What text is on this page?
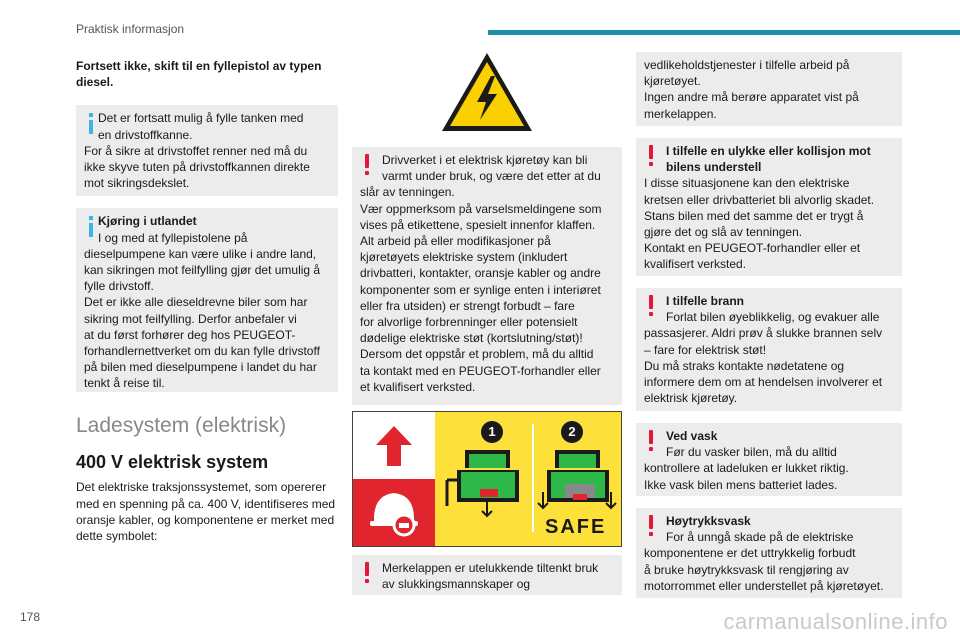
Praktisk informasjon
Fortsett ikke, skift til en fyllepistol av typen
diesel.
Det er fortsatt mulig å fylle tanken med
en drivstoffkanne.
For å sikre at drivstoffet renner ned må du
ikke skyve tuten på drivstoffkannen direkte
mot sikringsdekslet.
Kjøring i utlandet
I og med at fyllepistolene på
dieselpumpene kan være ulike i andre land,
kan sikringen mot feilfylling gjør det umulig å
fylle drivstoff.
Det er ikke alle dieseldrevne biler som har
sikring mot feilfylling. Derfor anbefaler vi
at du først forhører deg hos PEUGEOT-
forhandlernettverket om du kan fylle drivstoff
på bilen med dieselpumpene i landet du har
tenkt å reise til.
Ladesystem (elektrisk)
400 V elektrisk system
Det elektriske traksjonssystemet, som opererer
med en spenning på ca. 400 V, identifiseres med
oransje kabler, og komponentene er merket med
dette symbolet:
Drivverket i et elektrisk kjøretøy kan bli
varmt under bruk, og være det etter at du
slår av tenningen.
Vær oppmerksom på varselsmeldingene som
vises på etikettene, spesielt innenfor klaffen.
Alt arbeid på eller modifikasjoner på
kjøretøyets elektriske system (inkludert
drivbatteri, kontakter, oransje kabler og andre
komponenter som er synlige enten i interiøret
eller fra utsiden) er strengt forbudt – fare
for alvorlige forbrenninger eller potensielt
dødelige elektriske støt (kortslutning/støt)!
Dersom det oppstår et problem, må du alltid
ta kontakt med en PEUGEOT-forhandler eller
et kvalifisert verksted.
1	2
SAFE
Merkelappen er utelukkende tiltenkt bruk
av slukkingsmannskaper og
vedlikeholdstjenester i tilfelle arbeid på
kjøretøyet.
Ingen andre må berøre apparatet vist på
merkelappen.
I tilfelle en ulykke eller kollisjon mot
bilens understell
I disse situasjonene kan den elektriske
kretsen eller drivbatteriet bli alvorlig skadet.
Stans bilen med det samme det er trygt å
gjøre det og slå av tenningen.
Kontakt en PEUGEOT-forhandler eller et
kvalifisert verksted.
I tilfelle brann
Forlat bilen øyeblikkelig, og evakuer alle
passasjerer. Aldri prøv å slukke brannen selv
– fare for elektrisk støt!
Du må straks kontakte nødetatene og
informere dem om at hendelsen involverer et
elektrisk kjøretøy.
Ved vask
Før du vasker bilen, må du alltid
kontrollere at ladeluken er lukket riktig.
Ikke vask bilen mens batteriet lades.
Høytrykksvask
For å unngå skade på de elektriske
komponentene er det uttrykkelig forbudt
å bruke høytrykksvask til rengjøring av
motorrommet eller understellet på kjøretøyet.
178	carmanualsonline.info
